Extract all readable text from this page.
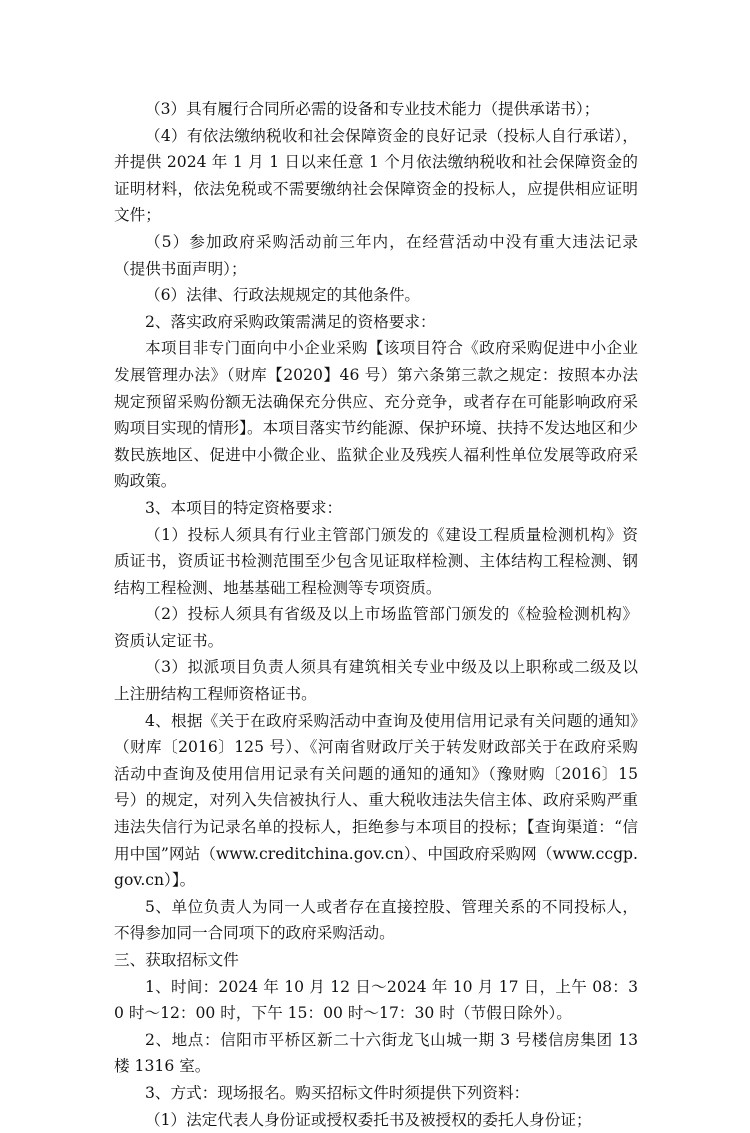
（3）具有履行合同所必需的设备和专业技术能力（提供承诺书）；

（4）有依法缴纳税收和社会保障资金的良好记录（投标人自行承诺），并提供 2024 年 1 月 1 日以来任意 1 个月依法缴纳税收和社会保障资金的证明材料，依法免税或不需要缴纳社会保障资金的投标人，应提供相应证明文件；

（5）参加政府采购活动前三年内，在经营活动中没有重大违法记录（提供书面声明）；

（6）法律、行政法规规定的其他条件。

2、落实政府采购政策需满足的资格要求：

本项目非专门面向中小企业采购【该项目符合《政府采购促进中小企业发展管理办法》（财库【2020】46 号）第六条第三款之规定：按照本办法规定预留采购份额无法确保充分供应、充分竞争，或者存在可能影响政府采购项目实现的情形】。本项目落实节约能源、保护环境、扶持不发达地区和少数民族地区、促进中小微企业、监狱企业及残疾人福利性单位发展等政府采购政策。

3、本项目的特定资格要求：

（1）投标人须具有行业主管部门颁发的《建设工程质量检测机构》资质证书，资质证书检测范围至少包含见证取样检测、主体结构工程检测、钢结构工程检测、地基基础工程检测等专项资质。

（2）投标人须具有省级及以上市场监管部门颁发的《检验检测机构》资质认定证书。

（3）拟派项目负责人须具有建筑相关专业中级及以上职称或二级及以上注册结构工程师资格证书。

4、根据《关于在政府采购活动中查询及使用信用记录有关问题的通知》（财库〔2016〕125 号）、《河南省财政厅关于转发财政部关于在政府采购活动中查询及使用信用记录有关问题的通知的通知》（豫财购〔2016〕15 号）的规定，对列入失信被执行人、重大税收违法失信主体、政府采购严重违法失信行为记录名单的投标人，拒绝参与本项目的投标；【查询渠道：“信用中国”网站（www.creditchina.gov.cn）、中国政府采购网（www.ccgp.gov.cn）】。

5、单位负责人为同一人或者存在直接控股、管理关系的不同投标人，不得参加同一合同项下的政府采购活动。

三、获取招标文件

1、时间：2024 年 10 月 12 日～2024 年 10 月 17 日，上午 08：30 时～12：00 时，下午 15：00 时～17：30 时（节假日除外）。

2、地点：信阳市平桥区新二十六街龙飞山城一期 3 号楼信房集团 13 楼 1316 室。

3、方式：现场报名。购买招标文件时须提供下列资料：

（1）法定代表人身份证或授权委托书及被授权的委托人身份证；
